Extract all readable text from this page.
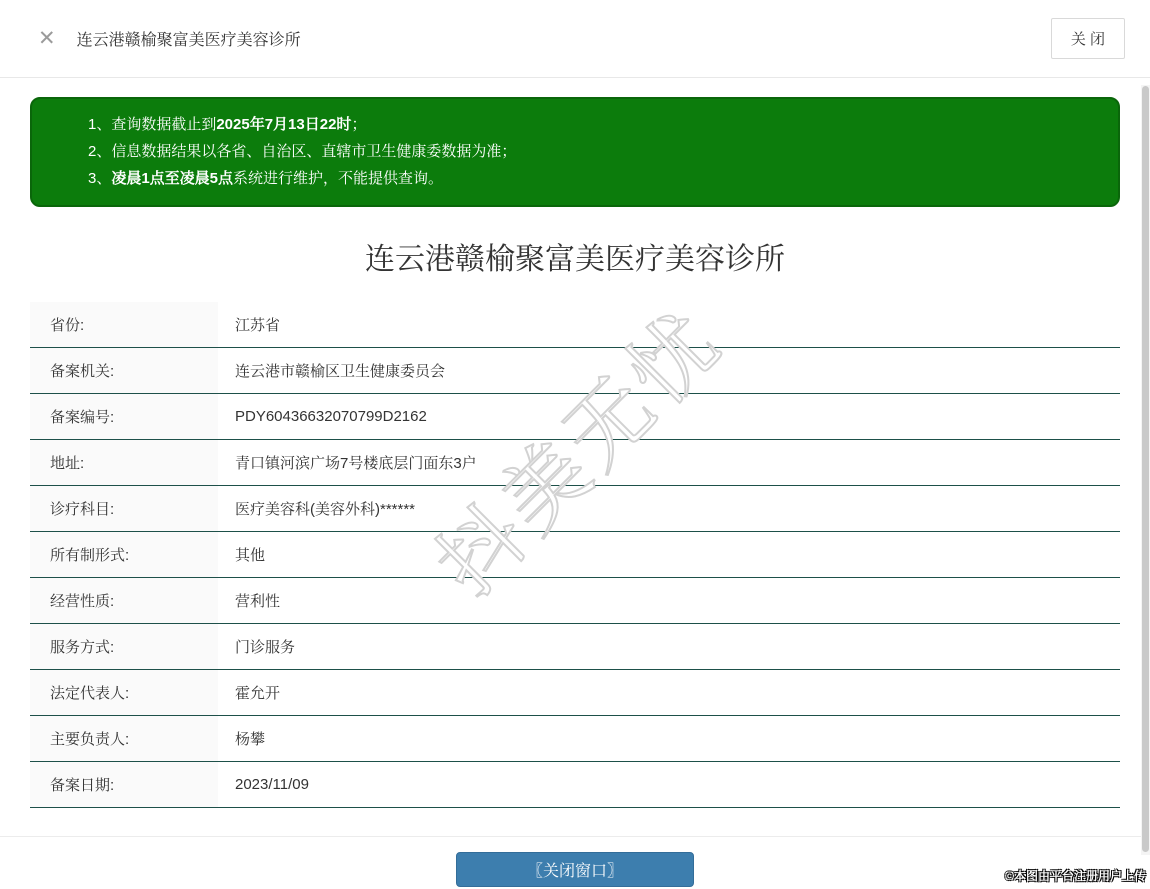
✕ 连云港赣榆聚富美医疗美容诊所	关 闭
1、查询数据截止到2025年7月13日22时；
2、信息数据结果以各省、自治区、直辖市卫生健康委数据为准；
3、凌晨1点至凌晨5点系统进行维护，不能提供查询。
连云港赣榆聚富美医疗美容诊所
省份:	江苏省
备案机关:	连云港市赣榆区卫生健康委员会
备案编号:	PDY60436632070799D2162
地址:	青口镇河滨广场7号楼底层门面东3户
诊疗科目:	医疗美容科(美容外科)******
所有制形式:	其他
经营性质:	营利性
服务方式:	门诊服务
法定代表人:	霍允开
主要负责人:	杨攀
备案日期:	2023/11/09
〖关闭窗口〗
抖美无忧
©本图由平台注册用户上传
